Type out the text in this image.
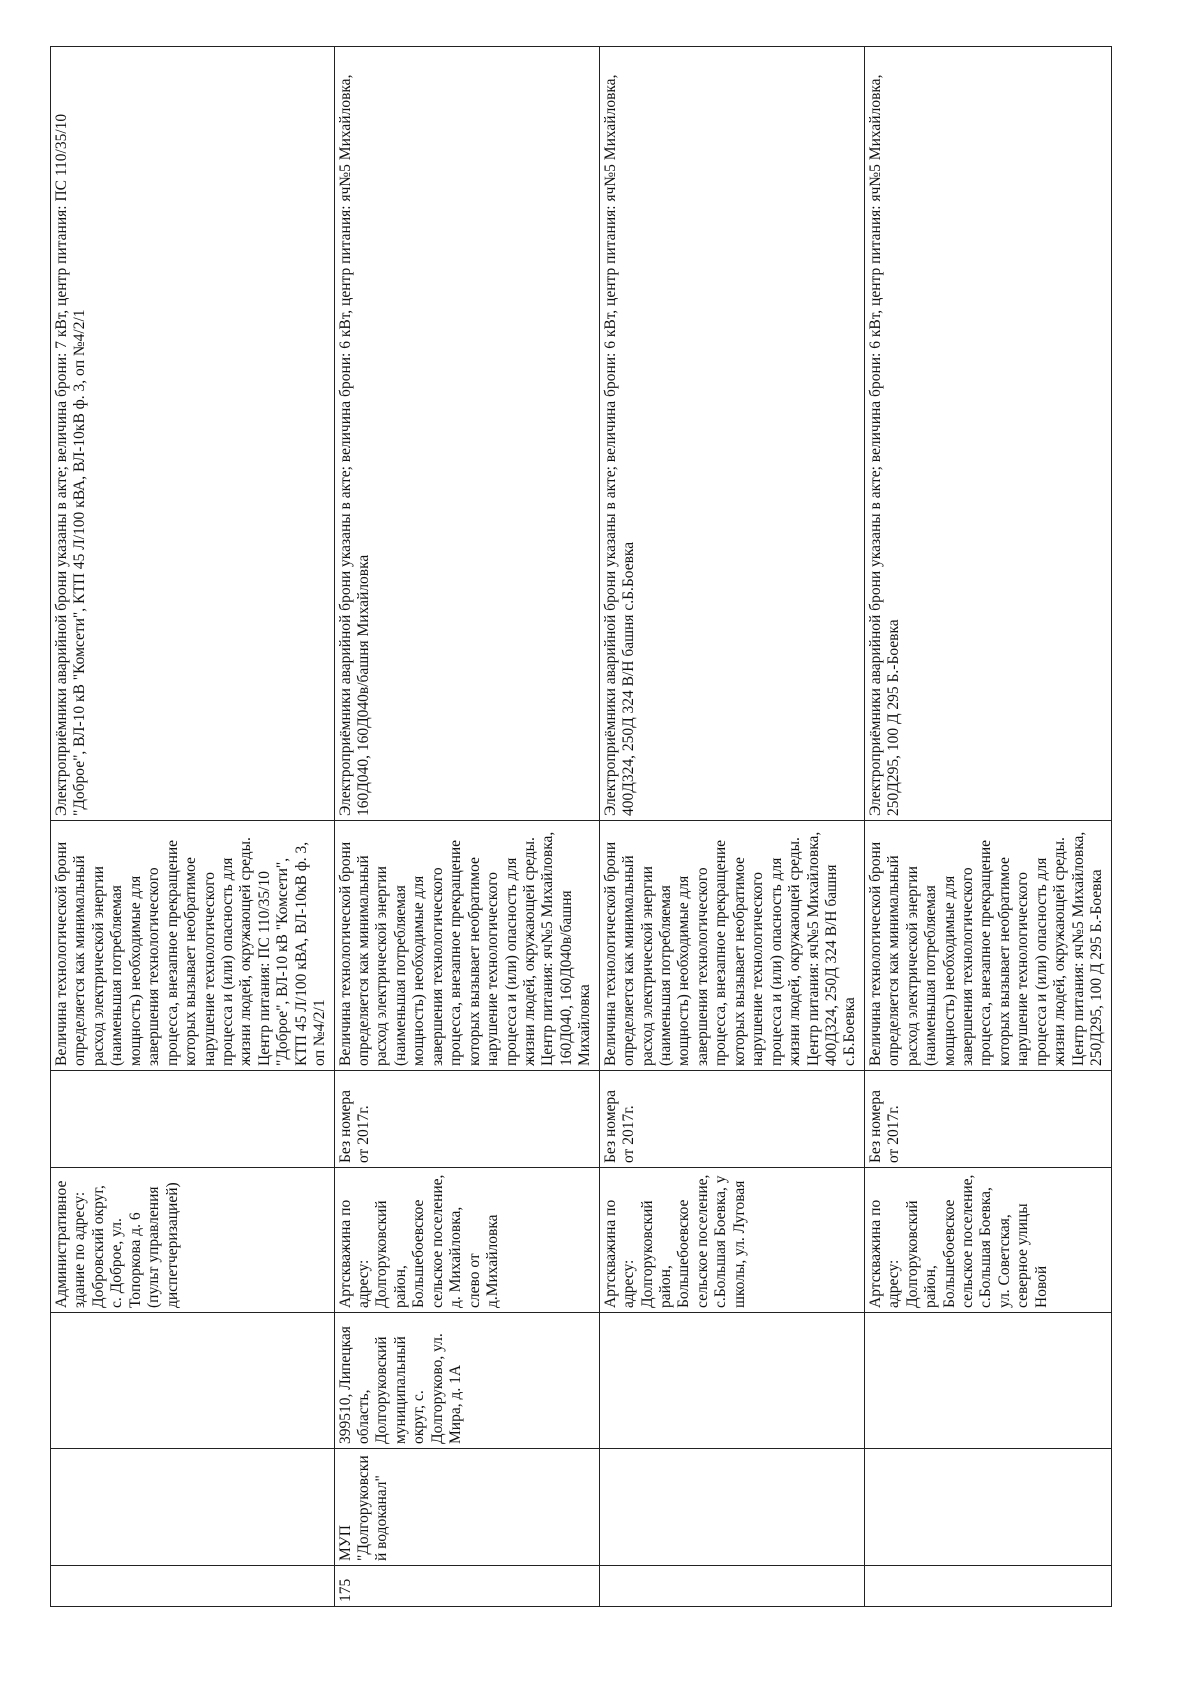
			Административное здание по адресу: Добровский округ, с. Доброе, ул. Топоркова д. 6 (пульт управления диспетчеризацией)		Величина технологической брони определяется как минимальный расход электрической энергии (наименьшая потребляемая мощность) необходимые для завершения технологического процесса, внезапное прекращение которых вызывает необратимое нарушение технологического процесса и (или) опасность для жизни людей, окружающей среды. Центр питания: ПС 110/35/10 "Доброе", ВЛ-10 кВ "Комсети", КТП 45 Л/100 кВА, ВЛ-10кВ ф. 3, оп №4/2/1	Электроприёмники аварийной брони указаны в акте; величина брони: 7 кВт, центр питания: ПС 110/35/10 "Доброе", ВЛ-10 кВ "Комсети", КТП 45 Л/100 кВА, ВЛ-10кВ ф. 3, оп №4/2/1

175	МУП "Долгоруковский водоканал"	399510, Липецкая область, Долгоруковский муниципальный округ, с. Долгоруково, ул. Мира, д. 1А	Артскважина по адресу: Долгоруковский район, Большебоевское сельское поселение, д. Михайловка, слево от д.Михайловка	Без номера от 2017г.	Величина технологической брони определяется как минимальный расход электрической энергии (наименьшая потребляемая мощность) необходимые для завершения технологического процесса, внезапное прекращение которых вызывает необратимое нарушение технологического процесса и (или) опасность для жизни людей, окружающей среды. Центр питания: яч№5 Михайловка, 160Д040, 160Д040в/башня Михайловка	Электроприёмники аварийной брони указаны в акте; величина брони: 6 кВт, центр питания: яч№5 Михайловка, 160Д040, 160Д040в/башня Михайловка

			Артскважина по адресу: Долгоруковский район, Большебоевское сельское поселение, с.Большая Боевка, у школы, ул. Луговая	Без номера от 2017г.	Величина технологической брони определяется как минимальный расход электрической энергии (наименьшая потребляемая мощность) необходимые для завершения технологического процесса, внезапное прекращение которых вызывает необратимое нарушение технологического процесса и (или) опасность для жизни людей, окружающей среды. Центр питания: яч№5 Михайловка, 400Д324, 250Д 324 В/Н башня с.Б.Боевка	Электроприёмники аварийной брони указаны в акте; величина брони: 6 кВт, центр питания: яч№5 Михайловка, 400Д324, 250Д 324 В/Н башня с.Б.Боевка

			Артскважина по адресу: Долгоруковский район, Большебоевское сельское поселение, с.Большая Боевка, ул. Советская, северное улицы Новой	Без номера от 2017г.	Величина технологической брони определяется как минимальный расход электрической энергии (наименьшая потребляемая мощность) необходимые для завершения технологического процесса, внезапное прекращение которых вызывает необратимое нарушение технологического процесса и (или) опасность для жизни людей, окружающей среды. Центр питания: яч№5 Михайловка, 250Д295, 100 Д 295 Б.-Боевка	Электроприёмники аварийной брони указаны в акте; величина брони: 6 кВт, центр питания: яч№5 Михайловка, 250Д295, 100 Д 295 Б.-Боевка
